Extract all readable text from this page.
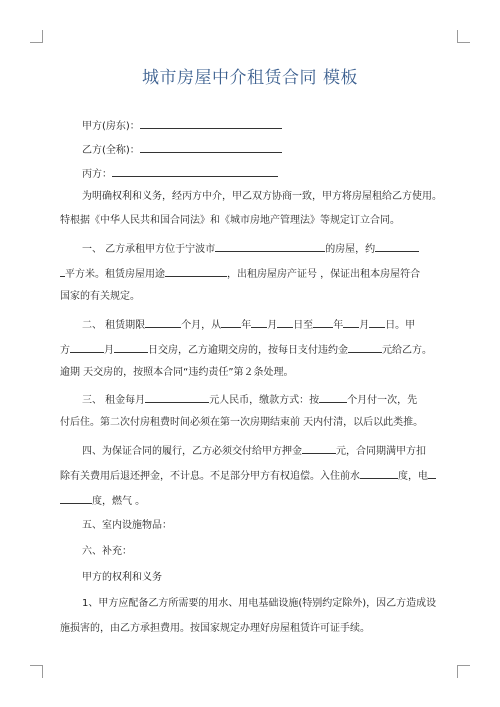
城市房屋中介租赁合同 模板
甲方(房东)：
乙方(全称)：
丙方：
为明确权利和义务，经丙方中介，甲乙双方协商一致，甲方将房屋租给乙方使用。
特根据《中华人民共和国合同法》和《城市房地产管理法》等规定订立合同。
一、 乙方承租甲方位于宁波市	的房屋，约
平方米。租赁房屋用途	，出租房屋房产证号 ，保证出租本房屋符合
国家的有关规定。
二、 租赁期限	个月，从 年 月 日至 年 月 日。甲
方	月	日交房，乙方逾期交房的，按每日支付违约金	元给乙方。
逾期 天交房的，按照本合同“违约责任”第２条处理。
三、 租金每月	元人民币，缴款方式：按	个月付一次，先
付后住。第二次付房租费时间必须在第一次房期结束前 天内付清，以后以此类推。
四、为保证合同的履行，乙方必须交付给甲方押金	元，合同期满甲方扣
除有关费用后退还押金，不计息。不足部分甲方有权追偿。入住前水	度，电
度，燃气 。
五、室内设施物品：
六、补充：
甲方的权利和义务
1、甲方应配备乙方所需要的用水、用电基础设施(特别约定除外)，因乙方造成设
施损害的，由乙方承担费用。按国家规定办理好房屋租赁许可证手续。
